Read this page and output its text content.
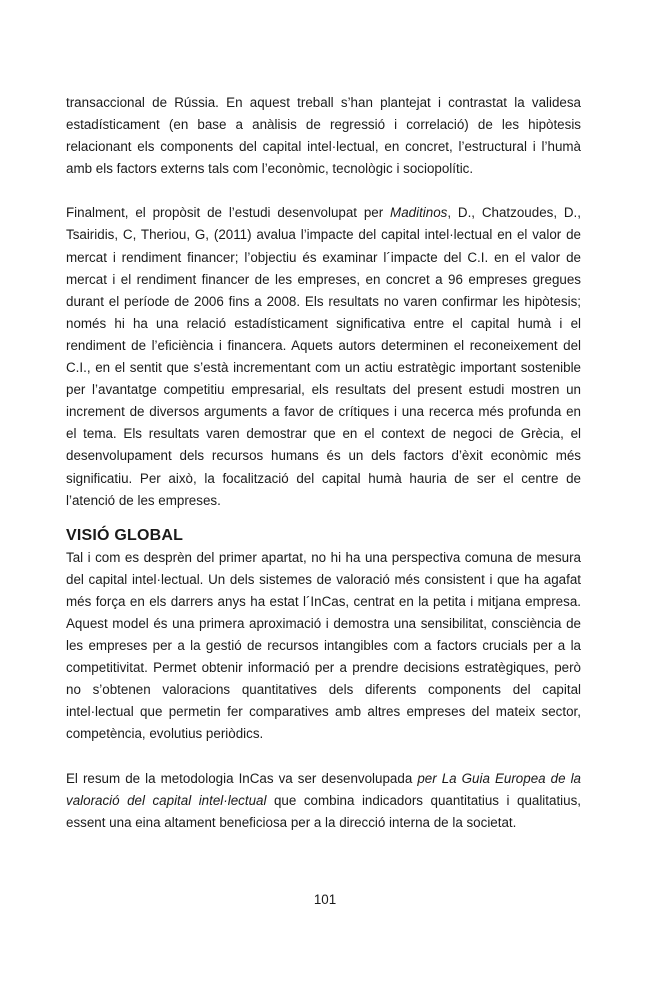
transaccional de Rússia. En aquest treball s’han plantejat i contrastat la validesa estadísticament (en base a anàlisis de regressió i correlació) de les hipòtesis relacionant els components del capital intel·lectual, en concret, l’estructural i l’humà amb els factors externs tals com l’econòmic, tecnològic i sociopolític.

Finalment, el propòsit de l’estudi desenvolupat per Maditinos, D., Chatzoudes, D., Tsairidis, C, Theriou, G, (2011) avalua l’impacte del capital intel·lectual en el valor de mercat i rendiment financer; l’objectiu és examinar l´impacte del C.I. en el valor de mercat i el rendiment financer de les empreses, en concret a 96 empreses gregues durant el període de 2006 fins a 2008. Els resultats no varen confirmar les hipòtesis; només hi ha una relació estadísticament significativa entre el capital humà i el rendiment de l’eficiència i financera. Aquets autors determinen el reconeixement del C.I., en el sentit que s’està incrementant com un actiu estratègic important sostenible per l’avantatge competitiu empresarial, els resultats del present estudi mostren un increment de diversos arguments a favor de crítiques i una recerca més profunda en el tema. Els resultats varen demostrar que en el context de negoci de Grècia, el desenvolupament dels recursos humans és un dels factors d’èxit econòmic més significatiu. Per això, la focalització del capital humà hauria de ser el centre de l’atenció de les empreses.

VISIÓ GLOBAL

Tal i com es desprèn del primer apartat, no hi ha una perspectiva comuna de mesura del capital intel·lectual. Un dels sistemes de valoració més consistent i que ha agafat més força en els darrers anys ha estat l´InCas, centrat en la petita i mitjana empresa. Aquest model és una primera aproximació i demostra una sensibilitat, consciència de les empreses per a la gestió de recursos intangibles com a factors crucials per a la competitivitat. Permet obtenir informació per a prendre decisions estratègiques, però no s’obtenen valoracions quantitatives dels diferents components del capital intel·lectual que permetin fer comparatives amb altres empreses del mateix sector, competència, evolutius periòdics.

El resum de la metodologia InCas va ser desenvolupada per La Guia Europea de la valoració del capital intel·lectual que combina indicadors quantitatius i qualitatius, essent una eina altament beneficiosa per a la direcció interna de la societat.

101
